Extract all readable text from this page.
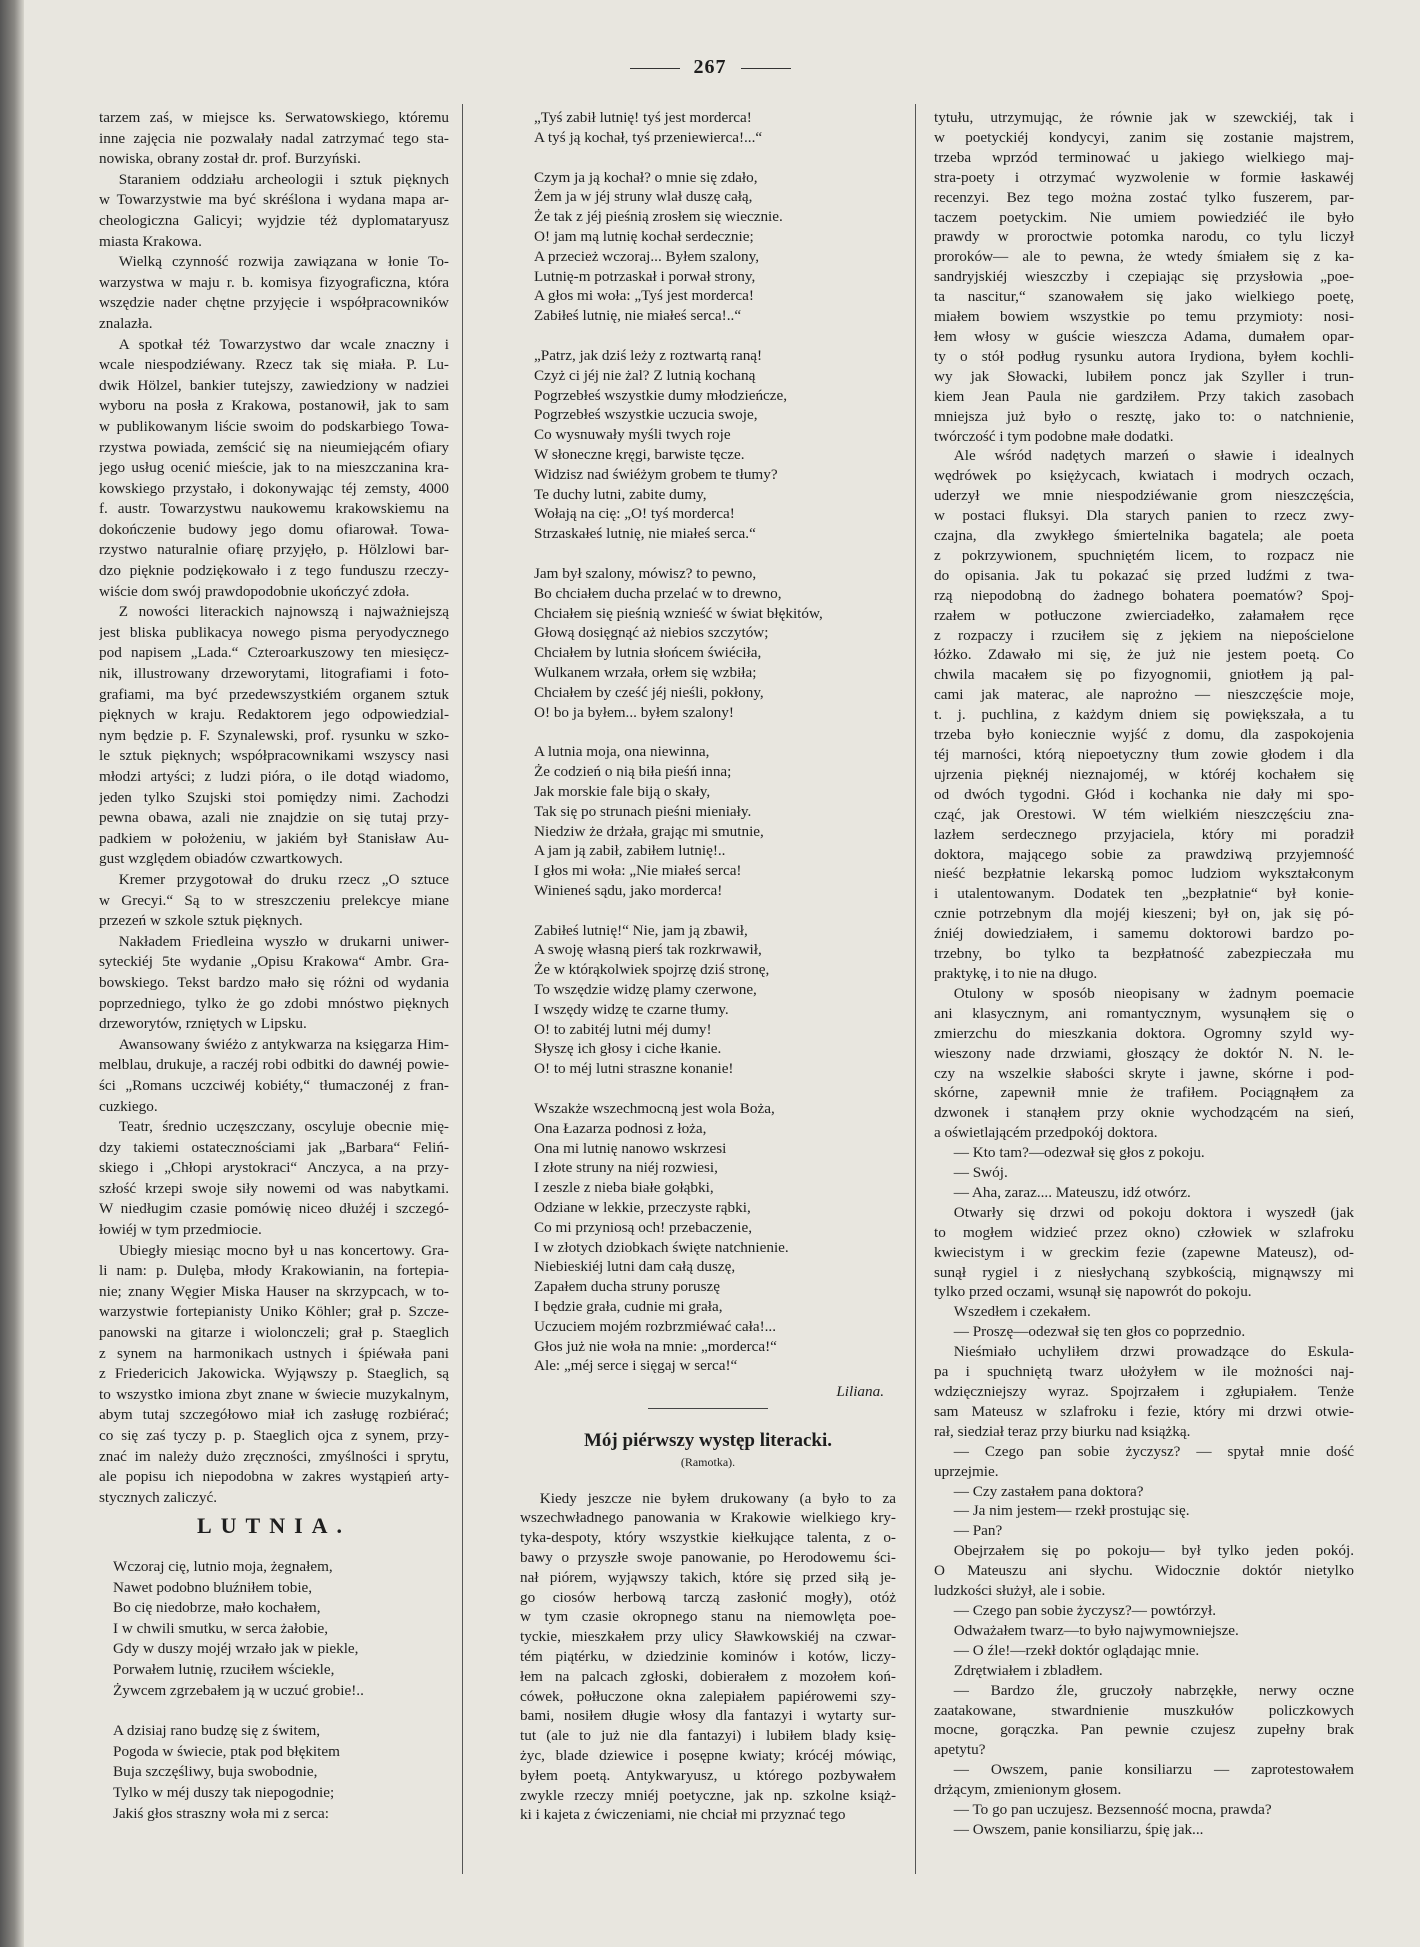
267
tarzem zaś, w miejsce ks. Serwatowskiego, któremu
inne zajęcia nie pozwalały nadal zatrzymać tego sta-
nowiska, obrany został dr. prof. Burzyński.
Staraniem oddziału archeologii i sztuk pięknych
w Towarzystwie ma być skréślona i wydana mapa ar-
cheologiczna Galicyi; wyjdzie téż dyplomataryusz
miasta Krakowa.
Wielką czynność rozwija zawiązana w łonie To-
warzystwa w maju r. b. komisya fizyograficzna, która
wszędzie nader chętne przyjęcie i współpracowników
znalazła.
A spotkał téż Towarzystwo dar wcale znaczny i
wcale niespodziéwany. Rzecz tak się miała. P. Lu-
dwik Hölzel, bankier tutejszy, zawiedziony w nadziei
wyboru na posła z Krakowa, postanowił, jak to sam
w publikowanym liście swoim do podskarbiego Towa-
rzystwa powiada, zemścić się na nieumiejącém ofiary
jego usług ocenić mieście, jak to na mieszczanina kra-
kowskiego przystało, i dokonywając téj zemsty, 4000
f. austr. Towarzystwu naukowemu krakowskiemu na
dokończenie budowy jego domu ofiarował. Towa-
rzystwo naturalnie ofiarę przyjęło, p. Hölzlowi bar-
dzo pięknie podziękowało i z tego funduszu rzeczy-
wiście dom swój prawdopodobnie ukończyć zdoła.
Z nowości literackich najnowszą i najważniejszą
jest bliska publikacya nowego pisma peryodycznego
pod napisem „Lada.“ Czteroarkuszowy ten miesięcz-
nik, illustrowany drzeworytami, litografiami i foto-
grafiami, ma być przedewszystkiém organem sztuk
pięknych w kraju. Redaktorem jego odpowiedzial-
nym będzie p. F. Szynalewski, prof. rysunku w szko-
le sztuk pięknych; współpracownikami wszyscy nasi
młodzi artyści; z ludzi pióra, o ile dotąd wiadomo,
jeden tylko Szujski stoi pomiędzy nimi. Zachodzi
pewna obawa, azali nie znajdzie on się tutaj przy-
padkiem w położeniu, w jakiém był Stanisław Au-
gust względem obiadów czwartkowych.
Kremer przygotował do druku rzecz „O sztuce
w Grecyi.“ Są to w streszczeniu prelekcye miane
przezeń w szkole sztuk pięknych.
Nakładem Friedleina wyszło w drukarni uniwer-
syteckiéj 5te wydanie „Opisu Krakowa“ Ambr. Gra-
bowskiego. Tekst bardzo mało się różni od wydania
poprzedniego, tylko że go zdobi mnóstwo pięknych
drzeworytów, rzniętych w Lipsku.
Awansowany świéżo z antykwarza na księgarza Him-
melblau, drukuje, a raczéj robi odbitki do dawnéj powie-
ści „Romans uczciwéj kobiéty,“ tłumaczonéj z fran-
cuzkiego.
Teatr, średnio uczęszczany, oscyluje obecnie mię-
dzy takiemi ostatecznościami jak „Barbara“ Feliń-
skiego i „Chłopi arystokraci“ Anczyca, a na przy-
szłość krzepi swoje siły nowemi od was nabytkami.
W niedługim czasie pomówię niceo dłużéj i szczegó-
łowiéj w tym przedmiocie.
Ubiegły miesiąc mocno był u nas koncertowy. Gra-
li nam: p. Dulęba, młody Krakowianin, na fortepia-
nie; znany Węgier Miska Hauser na skrzypcach, w to-
warzystwie fortepianisty Uniko Köhler; grał p. Szcze-
panowski na gitarze i wiolonczeli; grał p. Staeglich
z synem na harmonikach ustnych i śpiéwała pani
z Friedericich Jakowicka. Wyjąwszy p. Staeglich, są
to wszystko imiona zbyt znane w świecie muzykalnym,
abym tutaj szczegółowo miał ich zasługę rozbiérać;
co się zaś tyczy p. p. Staeglich ojca z synem, przy-
znać im należy dużo zręczności, zmyślności i sprytu,
ale popisu ich niepodobna w zakres wystąpień arty-
stycznych zaliczyć.
LUTNIA.
Wczoraj cię, lutnio moja, żegnałem,
Nawet podobno bluźniłem tobie,
Bo cię niedobrze, mało kochałem,
I w chwili smutku, w serca żałobie,
Gdy w duszy mojéj wrzało jak w piekle,
Porwałem lutnię, rzuciłem wściekle,
Żywcem zgrzebałem ją w uczuć grobie!..
A dzisiaj rano budzę się z świtem,
Pogoda w świecie, ptak pod błękitem
Buja szczęśliwy, buja swobodnie,
Tylko w méj duszy tak niepogodnie;
Jakiś głos straszny woła mi z serca:
„Tyś zabił lutnię! tyś jest morderca!
A tyś ją kochał, tyś przeniewierca!...“
Czym ja ją kochał? o mnie się zdało,
Żem ja w jéj struny wlał duszę całą,
Że tak z jéj pieśnią zrosłem się wiecznie.
O! jam mą lutnię kochał serdecznie;
A przecież wczoraj... Byłem szalony,
Lutnię-m potrzaskał i porwał strony,
A głos mi woła: „Tyś jest morderca!
Zabiłeś lutnię, nie miałeś serca!..“
„Patrz, jak dziś leży z roztwartą raną!
Czyż ci jéj nie żal? Z lutnią kochaną
Pogrzebłeś wszystkie dumy młodzieńcze,
Pogrzebłeś wszystkie uczucia swoje,
Co wysnuwały myśli twych roje
W słoneczne kręgi, barwiste tęcze.
Widzisz nad świéżym grobem te tłumy?
Te duchy lutni, zabite dumy,
Wołają na cię: „O! tyś morderca!
Strzaskałeś lutnię, nie miałeś serca.“
Jam był szalony, mówisz? to pewno,
Bo chciałem ducha przelać w to drewno,
Chciałem się pieśnią wznieść w świat błękitów,
Głową dosięgnąć aż niebios szczytów;
Chciałem by lutnia słońcem świéciła,
Wulkanem wrzała, orłem się wzbiła;
Chciałem by cześć jéj nieśli, pokłony,
O! bo ja byłem... byłem szalony!
A lutnia moja, ona niewinna,
Że codzień o nią biła pieśń inna;
Jak morskie fale biją o skały,
Tak się po strunach pieśni mieniały.
Niedziw że drżała, grając mi smutnie,
A jam ją zabił, zabiłem lutnię!..
I głos mi woła: „Nie miałeś serca!
Winieneś sądu, jako morderca!
Zabiłeś lutnię!“ Nie, jam ją zbawił,
A swoję własną pierś tak rozkrwawił,
Że w którąkolwiek spojrzę dziś stronę,
To wszędzie widzę plamy czerwone,
I wszędy widzę te czarne tłumy.
O! to zabitéj lutni méj dumy!
Słyszę ich głosy i ciche łkanie.
O! to méj lutni straszne konanie!
Wszakże wszechmocną jest wola Boża,
Ona Łazarza podnosi z łoża,
Ona mi lutnię nanowo wskrzesi
I złote struny na niéj rozwiesi,
I zeszle z nieba białe gołąbki,
Odziane w lekkie, przeczyste rąbki,
Co mi przyniosą och! przebaczenie,
I w złotych dziobkach święte natchnienie.
Niebieskiéj lutni dam całą duszę,
Zapałem ducha struny poruszę
I będzie grała, cudnie mi grała,
Uczuciem mojém rozbrzmiéwać cała!...
Głos już nie woła na mnie: „morderca!“
Ale: „méj serce i sięgaj w serca!“
Liliana.
Mój piérwszy występ literacki.
(Ramotka).
Kiedy jeszcze nie byłem drukowany (a było to za
wszechwładnego panowania w Krakowie wielkiego kry-
tyka-despoty, który wszystkie kiełkujące talenta, z o-
bawy o przyszłe swoje panowanie, po Herodowemu ści-
nał piórem, wyjąwszy takich, które się przed siłą je-
go ciosów herbową tarczą zasłonić mogły), otóż
w tym czasie okropnego stanu na niemowlęta poe-
tyckie, mieszkałem przy ulicy Sławkowskiéj na czwar-
tém piątérku, w dziedzinie kominów i kotów, liczy-
łem na palcach zgłoski, dobierałem z mozołem koń-
cówek, połłuczone okna zalepiałem papiérowemi szy-
bami, nosiłem długie włosy dla fantazyi i wytarty sur-
tut (ale to już nie dla fantazyi) i lubiłem blady księ-
życ, blade dziewice i posępne kwiaty; krócéj mówiąc,
byłem poetą. Antykwaryusz, u którego pozbywałem
zwykle rzeczy mniéj poetyczne, jak np. szkolne książ-
ki i kajeta z ćwiczeniami, nie chciał mi przyznać tego
tytułu, utrzymując, że równie jak w szewckiéj, tak i
w poetyckiéj kondycyi, zanim się zostanie majstrem,
trzeba wprzód terminować u jakiego wielkiego maj-
stra-poety i otrzymać wyzwolenie w formie łaskawéj
recenzyi. Bez tego można zostać tylko fuszerem, par-
taczem poetyckim. Nie umiem powiedziéć ile było
prawdy w proroctwie potomka narodu, co tylu liczył
proroków— ale to pewna, że wtedy śmiałem się z ka-
sandryjskiéj wieszczby i czepiając się przysłowia „poe-
ta nascitur,“ szanowałem się jako wielkiego poetę,
miałem bowiem wszystkie po temu przymioty: nosi-
łem włosy w guście wieszcza Adama, dumałem opar-
ty o stół podług rysunku autora Irydiona, byłem kochli-
wy jak Słowacki, lubiłem poncz jak Szyller i trun-
kiem Jean Paula nie gardziłem. Przy takich zasobach
mniejsza już było o resztę, jako to: o natchnienie,
twórczość i tym podobne małe dodatki.
Ale wśród nadętych marzeń o sławie i idealnych
wędrówek po księżycach, kwiatach i modrych oczach,
uderzył we mnie niespodziéwanie grom nieszczęścia,
w postaci fluksyi. Dla starych panien to rzecz zwy-
czajna, dla zwykłego śmiertelnika bagatela; ale poeta
z pokrzywionem, spuchniętém licem, to rozpacz nie
do opisania. Jak tu pokazać się przed ludźmi z twa-
rzą niepodobną do żadnego bohatera poematów? Spoj-
rzałem w potłuczone zwierciadełko, załamałem ręce
z rozpaczy i rzuciłem się z jękiem na niepościelone
łóżko. Zdawało mi się, że już nie jestem poetą. Co
chwila macałem się po fizyognomii, gniotłem ją pal-
cami jak materac, ale naprożno — nieszczęście moje,
t. j. puchlina, z każdym dniem się powiększała, a tu
trzeba było koniecznie wyjść z domu, dla zaspokojenia
téj marności, którą niepoetyczny tłum zowie głodem i dla
ujrzenia pięknéj nieznajoméj, w któréj kochałem się
od dwóch tygodni. Głód i kochanka nie dały mi spo-
cząć, jak Orestowi. W tém wielkiém nieszczęściu zna-
lazłem serdecznego przyjaciela, który mi poradził
doktora, mającego sobie za prawdziwą przyjemność
nieść bezpłatnie lekarską pomoc ludziom wykształconym
i utalentowanym. Dodatek ten „bezpłatnie“ był konie-
cznie potrzebnym dla mojéj kieszeni; był on, jak się pó-
źniéj dowiedziałem, i samemu doktorowi bardzo po-
trzebny, bo tylko ta bezpłatność zabezpieczała mu
praktykę, i to nie na długo.
Otulony w sposób nieopisany w żadnym poemacie
ani klasycznym, ani romantycznym, wysunąłem się o
zmierzchu do mieszkania doktora. Ogromny szyld wy-
wieszony nade drzwiami, głoszący że doktór N. N. le-
czy na wszelkie słabości skryte i jawne, skórne i pod-
skórne, zapewnił mnie że trafiłem. Pociągnąłem za
dzwonek i stanąłem przy oknie wychodzącém na sień,
a oświetlającém przedpokój doktora.
— Kto tam?—odezwał się głos z pokoju.
— Swój.
— Aha, zaraz.... Mateuszu, idź otwórz.
Otwarły się drzwi od pokoju doktora i wyszedł (jak
to mogłem widzieć przez okno) człowiek w szlafroku
kwiecistym i w greckim fezie (zapewne Mateusz), od-
sunął rygiel i z niesłychaną szybkością, mignąwszy mi
tylko przed oczami, wsunął się napowrót do pokoju.
Wszedłem i czekałem.
— Proszę—odezwał się ten głos co poprzednio.
Nieśmiało uchyliłem drzwi prowadzące do Eskula-
pa i spuchniętą twarz ułożyłem w ile możności naj-
wdzięczniejszy wyraz. Spojrzałem i zgłupiałem. Tenże
sam Mateusz w szlafroku i fezie, który mi drzwi otwie-
rał, siedział teraz przy biurku nad książką.
— Czego pan sobie życzysz? — spytał mnie dość
uprzejmie.
— Czy zastałem pana doktora?
— Ja nim jestem— rzekł prostując się.
— Pan?
Obejrzałem się po pokoju— był tylko jeden pokój.
O Mateuszu ani słychu. Widocznie doktór nietylko
ludzkości służył, ale i sobie.
— Czego pan sobie życzysz?— powtórzył.
Odważałem twarz—to było najwymowniejsze.
— O źle!—rzekł doktór oglądając mnie.
Zdrętwiałem i zbladłem.
— Bardzo źle, gruczoły nabrzękłe, nerwy oczne
zaatakowane, stwardnienie muszkułów policzkowych
mocne, gorączka. Pan pewnie czujesz zupełny brak
apetytu?
— Owszem, panie konsiliarzu — zaprotestowałem
drżącym, zmienionym głosem.
— To go pan uczujesz. Bezsenność mocna, prawda?
— Owszem, panie konsiliarzu, śpię jak...
